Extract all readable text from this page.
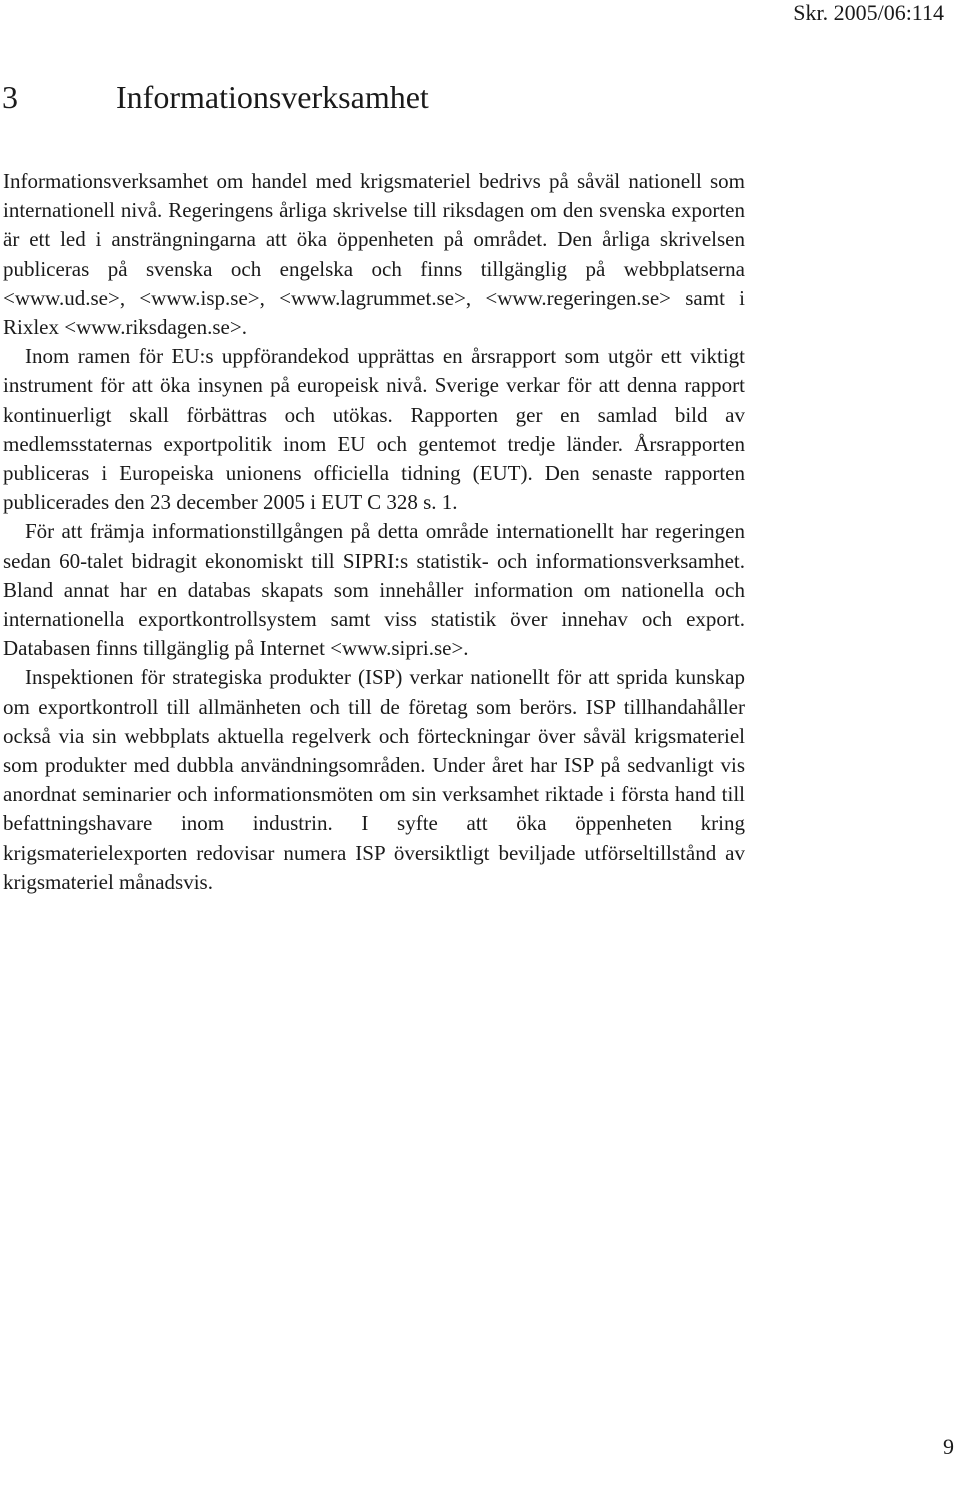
Skr. 2005/06:114
3	Informationsverksamhet

Informationsverksamhet om handel med krigsmateriel bedrivs på såväl nationell som internationell nivå. Regeringens årliga skrivelse till riksdagen om den svenska exporten är ett led i ansträngningarna att öka öppenheten på området. Den årliga skrivelsen publiceras på svenska och engelska och finns tillgänglig på webbplatserna <www.ud.se>, <www.isp.se>, <www.lagrummet.se>, <www.regeringen.se> samt i Rixlex <www.riksdagen.se>.

Inom ramen för EU:s uppförandekod upprättas en årsrapport som utgör ett viktigt instrument för att öka insynen på europeisk nivå. Sverige verkar för att denna rapport kontinuerligt skall förbättras och utökas. Rapporten ger en samlad bild av medlemsstaternas exportpolitik inom EU och gentemot tredje länder. Årsrapporten publiceras i Europeiska unionens officiella tidning (EUT). Den senaste rapporten publicerades den 23 december 2005 i EUT C 328 s. 1.

För att främja informationstillgången på detta område internationellt har regeringen sedan 60-talet bidragit ekonomiskt till SIPRI:s statistik- och informationsverksamhet. Bland annat har en databas skapats som innehåller information om nationella och internationella exportkontrollsystem samt viss statistik över innehav och export. Databasen finns tillgänglig på Internet <www.sipri.se>.

Inspektionen för strategiska produkter (ISP) verkar nationellt för att sprida kunskap om exportkontroll till allmänheten och till de företag som berörs. ISP tillhandahåller också via sin webbplats aktuella regelverk och förteckningar över såväl krigsmateriel som produkter med dubbla användningsområden. Under året har ISP på sedvanligt vis anordnat seminarier och informationsmöten om sin verksamhet riktade i första hand till befattningshavare inom industrin. I syfte att öka öppenheten kring krigsmaterielexporten redovisar numera ISP översiktligt beviljade utförseltillstånd av krigsmateriel månadsvis.

9
